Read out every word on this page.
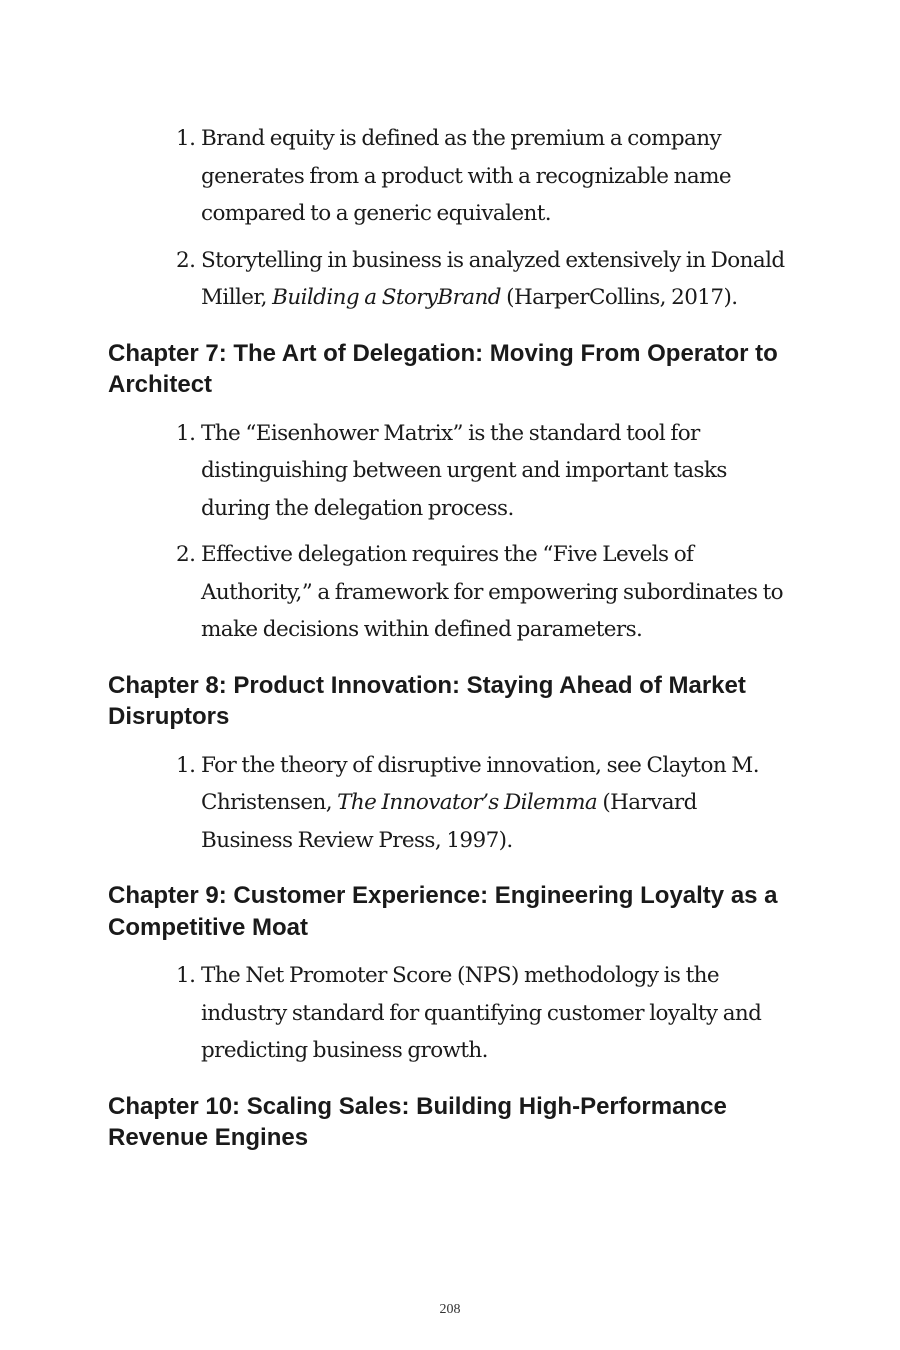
1. Brand equity is defined as the premium a company generates from a product with a recognizable name compared to a generic equivalent.
2. Storytelling in business is analyzed extensively in Donald Miller, Building a StoryBrand (HarperCollins, 2017).
Chapter 7: The Art of Delegation: Moving From Operator to Architect
1. The “Eisenhower Matrix” is the standard tool for distinguishing between urgent and important tasks during the delegation process.
2. Effective delegation requires the “Five Levels of Authority,” a framework for empowering subordinates to make decisions within defined parameters.
Chapter 8: Product Innovation: Staying Ahead of Market Disruptors
1. For the theory of disruptive innovation, see Clayton M. Christensen, The Innovator’s Dilemma (Harvard Business Review Press, 1997).
Chapter 9: Customer Experience: Engineering Loyalty as a Competitive Moat
1. The Net Promoter Score (NPS) methodology is the industry standard for quantifying customer loyalty and predicting business growth.
Chapter 10: Scaling Sales: Building High-Performance Revenue Engines
208
